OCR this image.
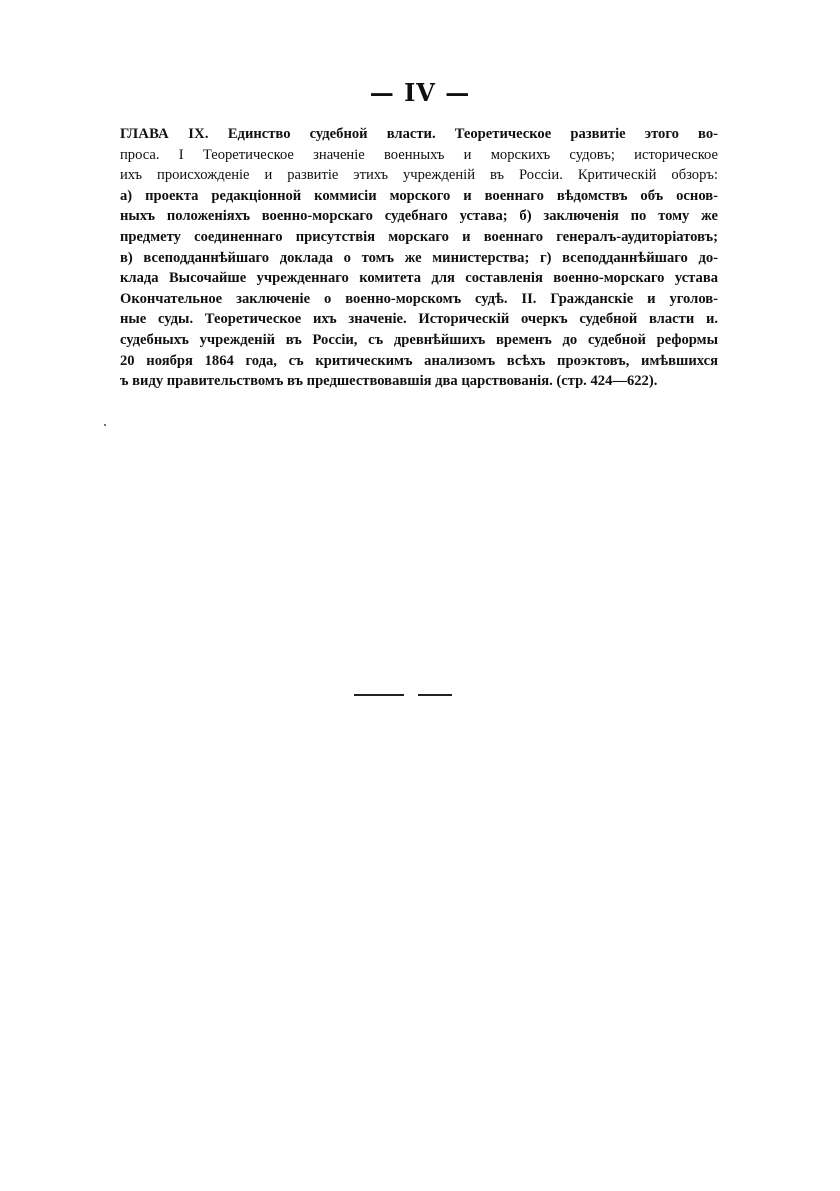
— IV —
ГЛАВА IX. Единство судебной власти. Теоретическое развитіе этого во-
проса. I Теоретическое значеніе военныхъ и морскихъ судовъ; историческое
ихъ происхожденіе и развитіе этихъ учрежденій въ Россіи. Критическій обзоръ:
а) проекта редакціонной коммисіи морского и военнаго вѣдомствъ объ основ-
ныхъ положеніяхъ военно-морскаго судебнаго устава; б) заключенія по тому же
предмету соединеннаго присутствія морскаго и военнаго генералъ-аудиторіатовъ;
в) всеподданнѣйшаго доклада о томъ же министерства; г) всеподданнѣйшаго до-
клада Высочайше учрежденнаго комитета для составленія военно-морскаго устава
Окончательное заключеніе о военно-морскомъ судѣ. II. Гражданскіе и уголов-
ные суды. Теоретическое ихъ значеніе. Историческій очеркъ судебной власти и.
судебныхъ учрежденій въ Россіи, съ древнѣйшихъ временъ до судебной реформы
20 ноября 1864 года, съ критическимъ анализомъ всѣхъ проэктовъ, имѣвшихся
ъ виду правительствомъ въ предшествовавшія два царствованія. (стр. 424—622).
